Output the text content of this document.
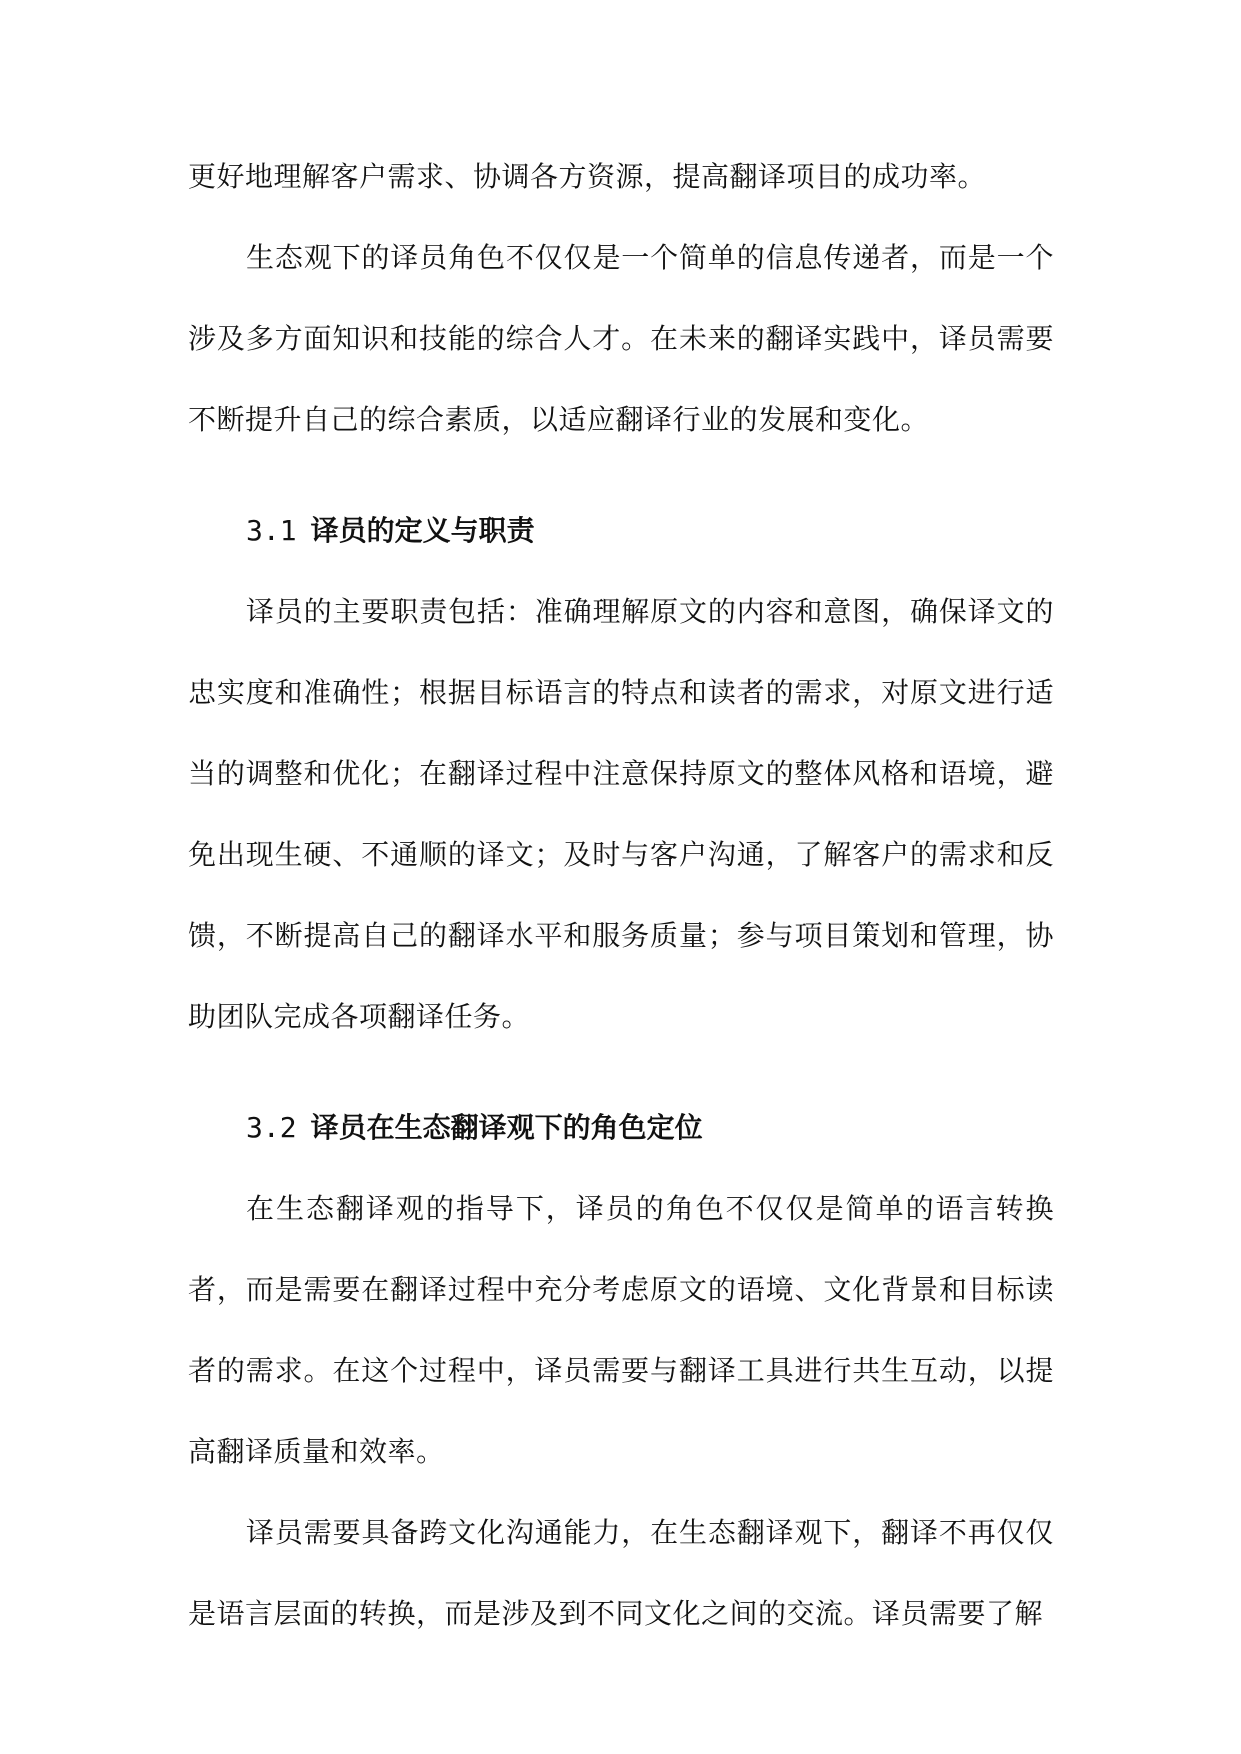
更好地理解客户需求、协调各方资源，提高翻译项目的成功率。

生态观下的译员角色不仅仅是一个简单的信息传递者，而是一个涉及多方面知识和技能的综合人才。在未来的翻译实践中，译员需要不断提升自己的综合素质，以适应翻译行业的发展和变化。

3.1 译员的定义与职责

译员的主要职责包括：准确理解原文的内容和意图，确保译文的忠实度和准确性；根据目标语言的特点和读者的需求，对原文进行适当的调整和优化；在翻译过程中注意保持原文的整体风格和语境，避免出现生硬、不通顺的译文；及时与客户沟通，了解客户的需求和反馈，不断提高自己的翻译水平和服务质量；参与项目策划和管理，协助团队完成各项翻译任务。

3.2 译员在生态翻译观下的角色定位

在生态翻译观的指导下，译员的角色不仅仅是简单的语言转换者，而是需要在翻译过程中充分考虑原文的语境、文化背景和目标读者的需求。在这个过程中，译员需要与翻译工具进行共生互动，以提高翻译质量和效率。

译员需要具备跨文化沟通能力，在生态翻译观下，翻译不再仅仅是语言层面的转换，而是涉及到不同文化之间的交流。译员需要了解
